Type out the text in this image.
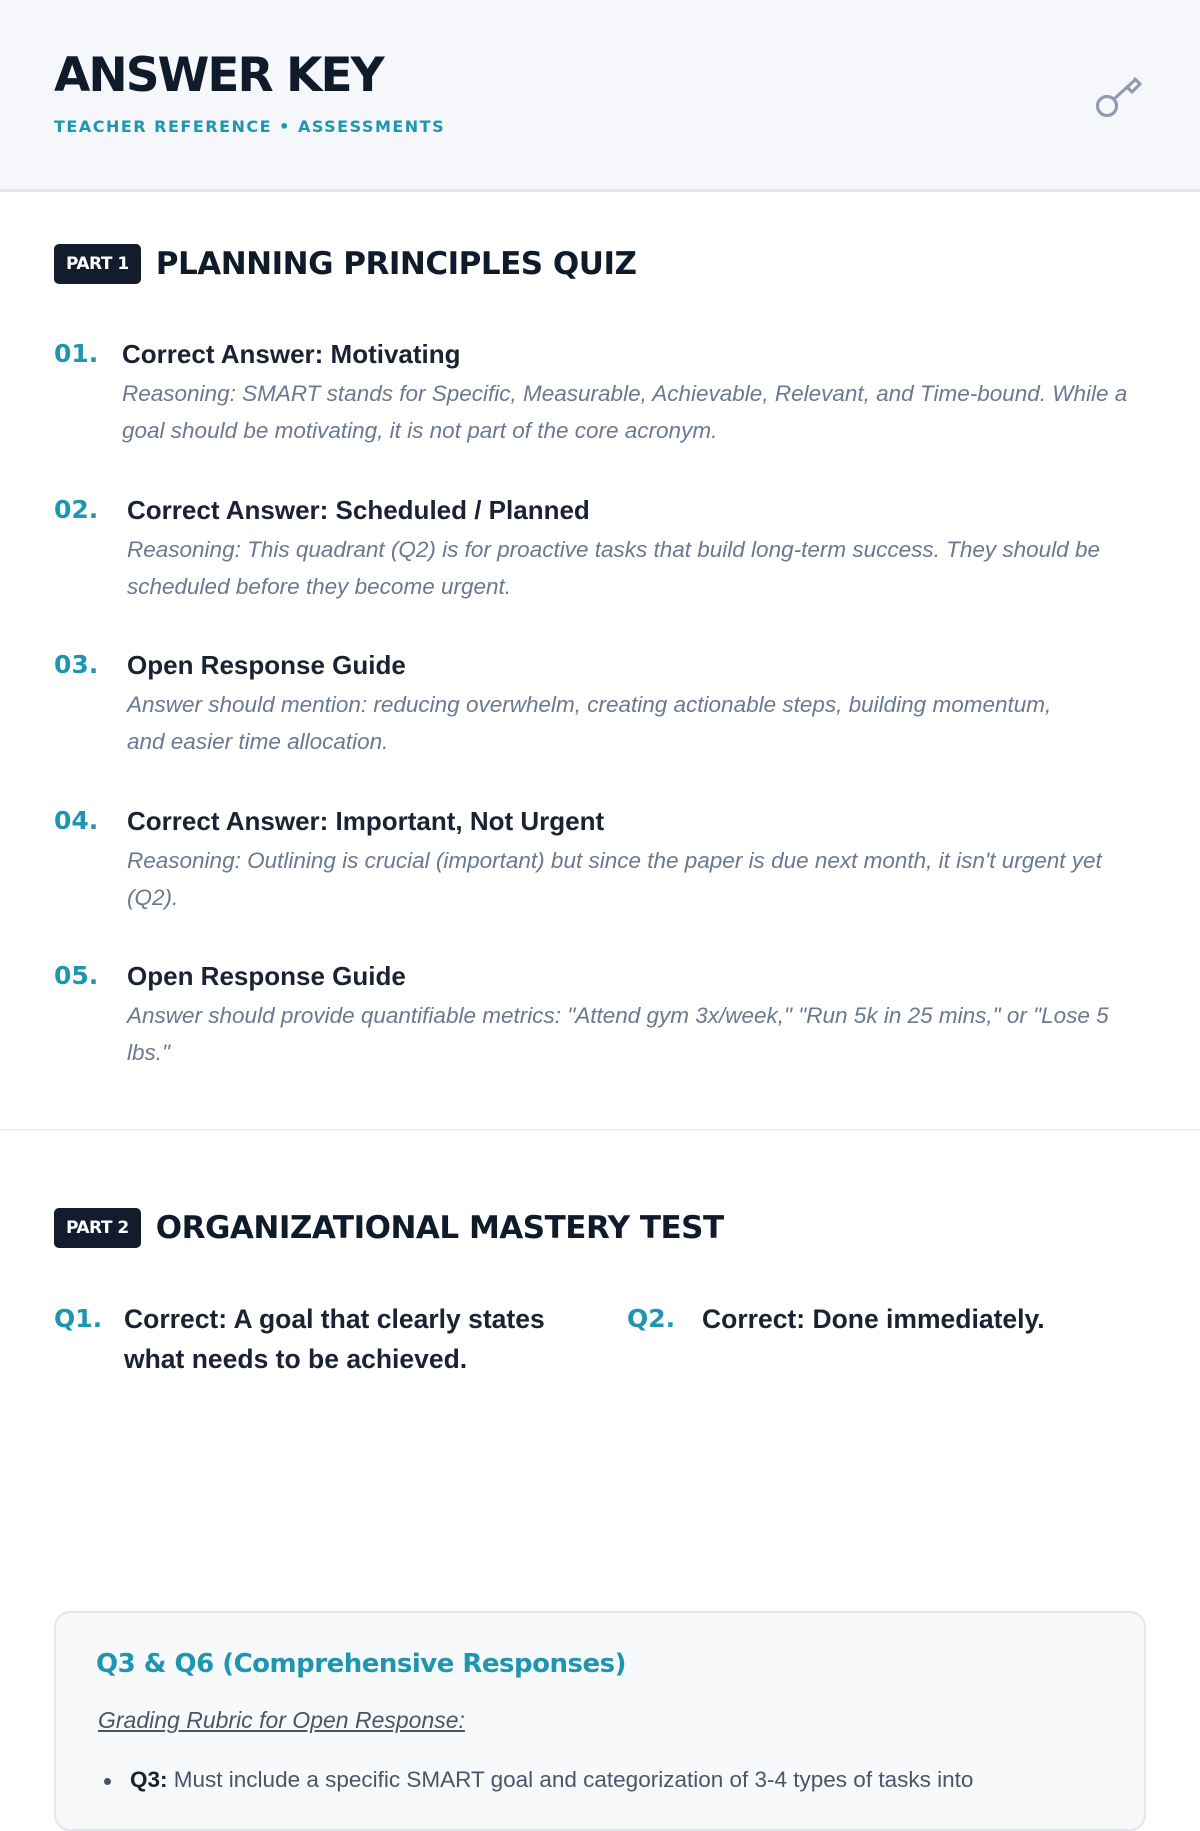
ANSWER KEY
TEACHER REFERENCE • ASSESSMENTS
PART 1 PLANNING PRINCIPLES QUIZ
01. Correct Answer: Motivating
Reasoning: SMART stands for Specific, Measurable, Achievable, Relevant, and Time-bound. While a goal should be motivating, it is not part of the core acronym.
02. Correct Answer: Scheduled / Planned
Reasoning: This quadrant (Q2) is for proactive tasks that build long-term success. They should be scheduled before they become urgent.
03. Open Response Guide
Answer should mention: reducing overwhelm, creating actionable steps, building momentum, and easier time allocation.
04. Correct Answer: Important, Not Urgent
Reasoning: Outlining is crucial (important) but since the paper is due next month, it isn't urgent yet (Q2).
05. Open Response Guide
Answer should provide quantifiable metrics: "Attend gym 3x/week," "Run 5k in 25 mins," or "Lose 5 lbs."
PART 2 ORGANIZATIONAL MASTERY TEST
Q1. Correct: A goal that clearly states what needs to be achieved.
Q2. Correct: Done immediately.
Q3 & Q6 (Comprehensive Responses)
Grading Rubric for Open Response:
Q3: Must include a specific SMART goal and categorization of 3-4 types of tasks into
